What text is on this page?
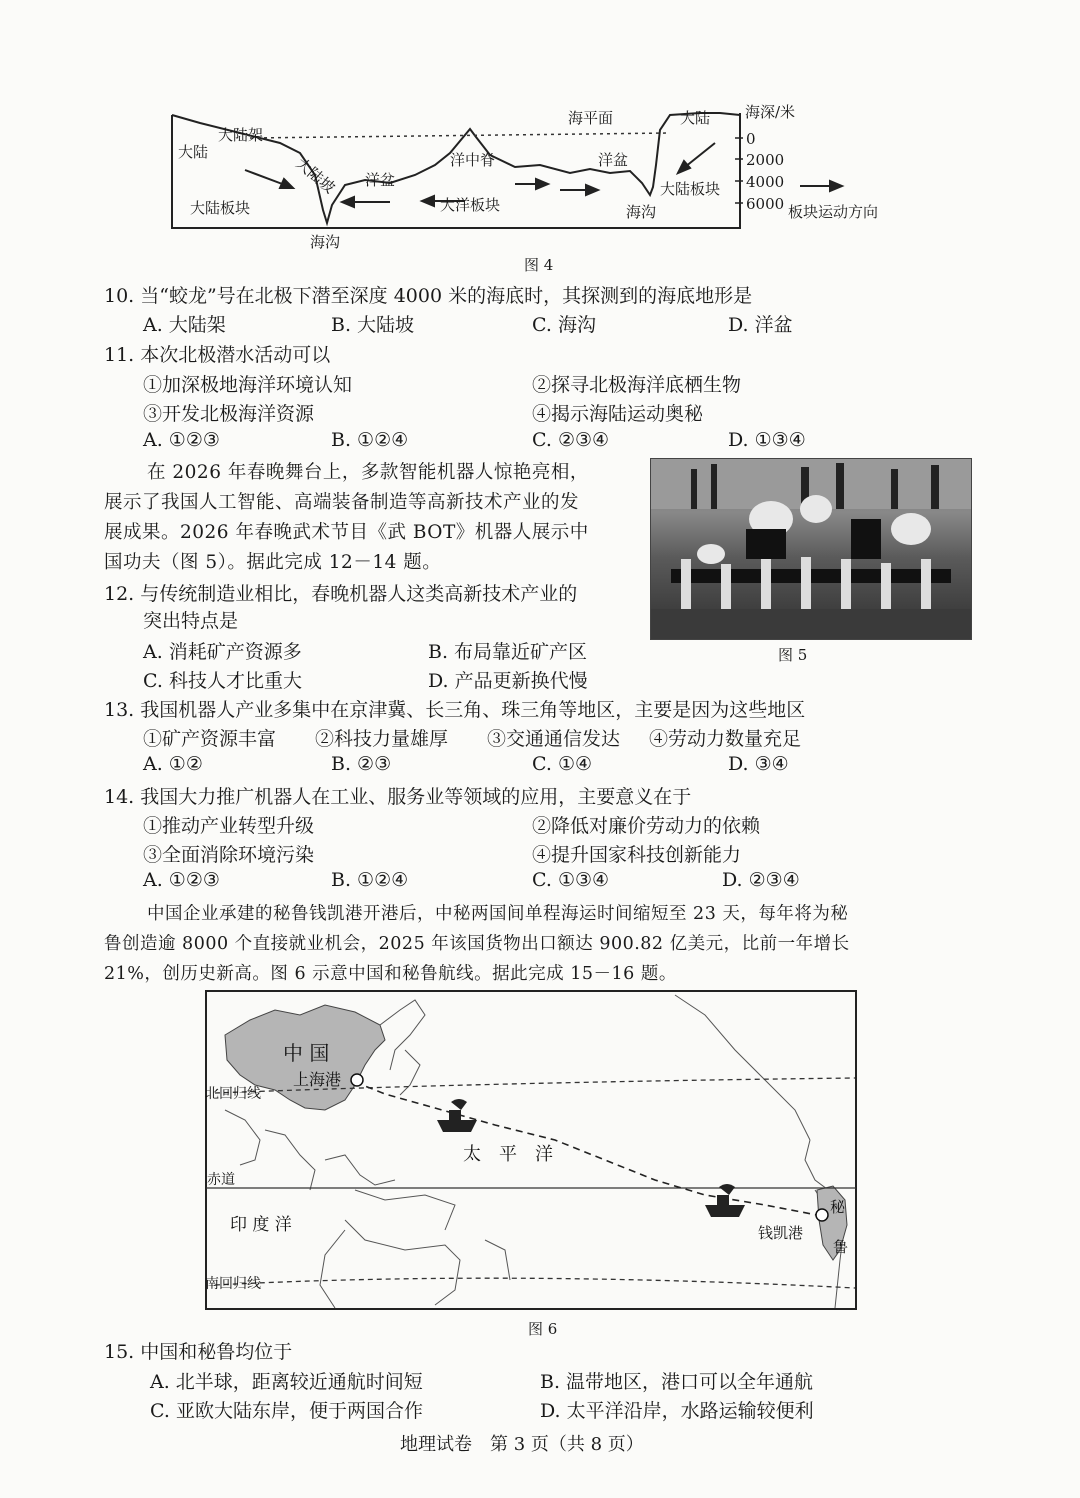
大陆架
大陆
大陆坡
大陆板块
海沟
洋盆
洋中脊
大洋板块
海平面
洋盆
海沟
大陆
大陆板块
海深/米
0
2000
4000
6000 板块运动方向
图 4
10. 当“蛟龙”号在北极下潜至深度 4000 米的海底时，其探测到的海底地形是
A. 大陆架	B. 大陆坡	C. 海沟	D. 洋盆
11. 本次北极潜水活动可以
①加深极地海洋环境认知	②探寻北极海洋底栖生物
③开发北极海洋资源	④揭示海陆运动奥秘
A. ①②③	B. ①②④	C. ②③④	D. ①③④
在 2026 年春晚舞台上，多款智能机器人惊艳亮相，
展示了我国人工智能、高端装备制造等高新技术产业的发
展成果。2026 年春晚武术节目《武 BOT》机器人展示中
国功夫（图 5）。据此完成 12－14 题。
图 5
12. 与传统制造业相比，春晚机器人这类高新技术产业的
突出特点是
A. 消耗矿产资源多	B. 布局靠近矿产区
C. 科技人才比重大	D. 产品更新换代慢
13. 我国机器人产业多集中在京津冀、长三角、珠三角等地区，主要是因为这些地区
①矿产资源丰富 ②科技力量雄厚 ③交通通信发达 ④劳动力数量充足
A. ①②	B. ②③	C. ①④	D. ③④
14. 我国大力推广机器人在工业、服务业等领域的应用，主要意义在于
①推动产业转型升级	②降低对廉价劳动力的依赖
③全面消除环境污染	④提升国家科技创新能力
A. ①②③	B. ①②④	C. ①③④	D. ②③④
中国企业承建的秘鲁钱凯港开港后，中秘两国间单程海运时间缩短至 23 天，每年将为秘
鲁创造逾 8000 个直接就业机会，2025 年该国货物出口额达 900.82 亿美元，比前一年增长
21%，创历史新高。图 6 示意中国和秘鲁航线。据此完成 15－16 题。
中 国
上海港
北回归线
太　平　洋
赤道
印 度 洋	钱凯港
秘
鲁
南回归线
图 6
15. 中国和秘鲁均位于
A. 北半球，距离较近通航时间短	B. 温带地区，港口可以全年通航
C. 亚欧大陆东岸，便于两国合作	D. 太平洋沿岸，水路运输较便利
地理试卷　第 3 页（共 8 页）
